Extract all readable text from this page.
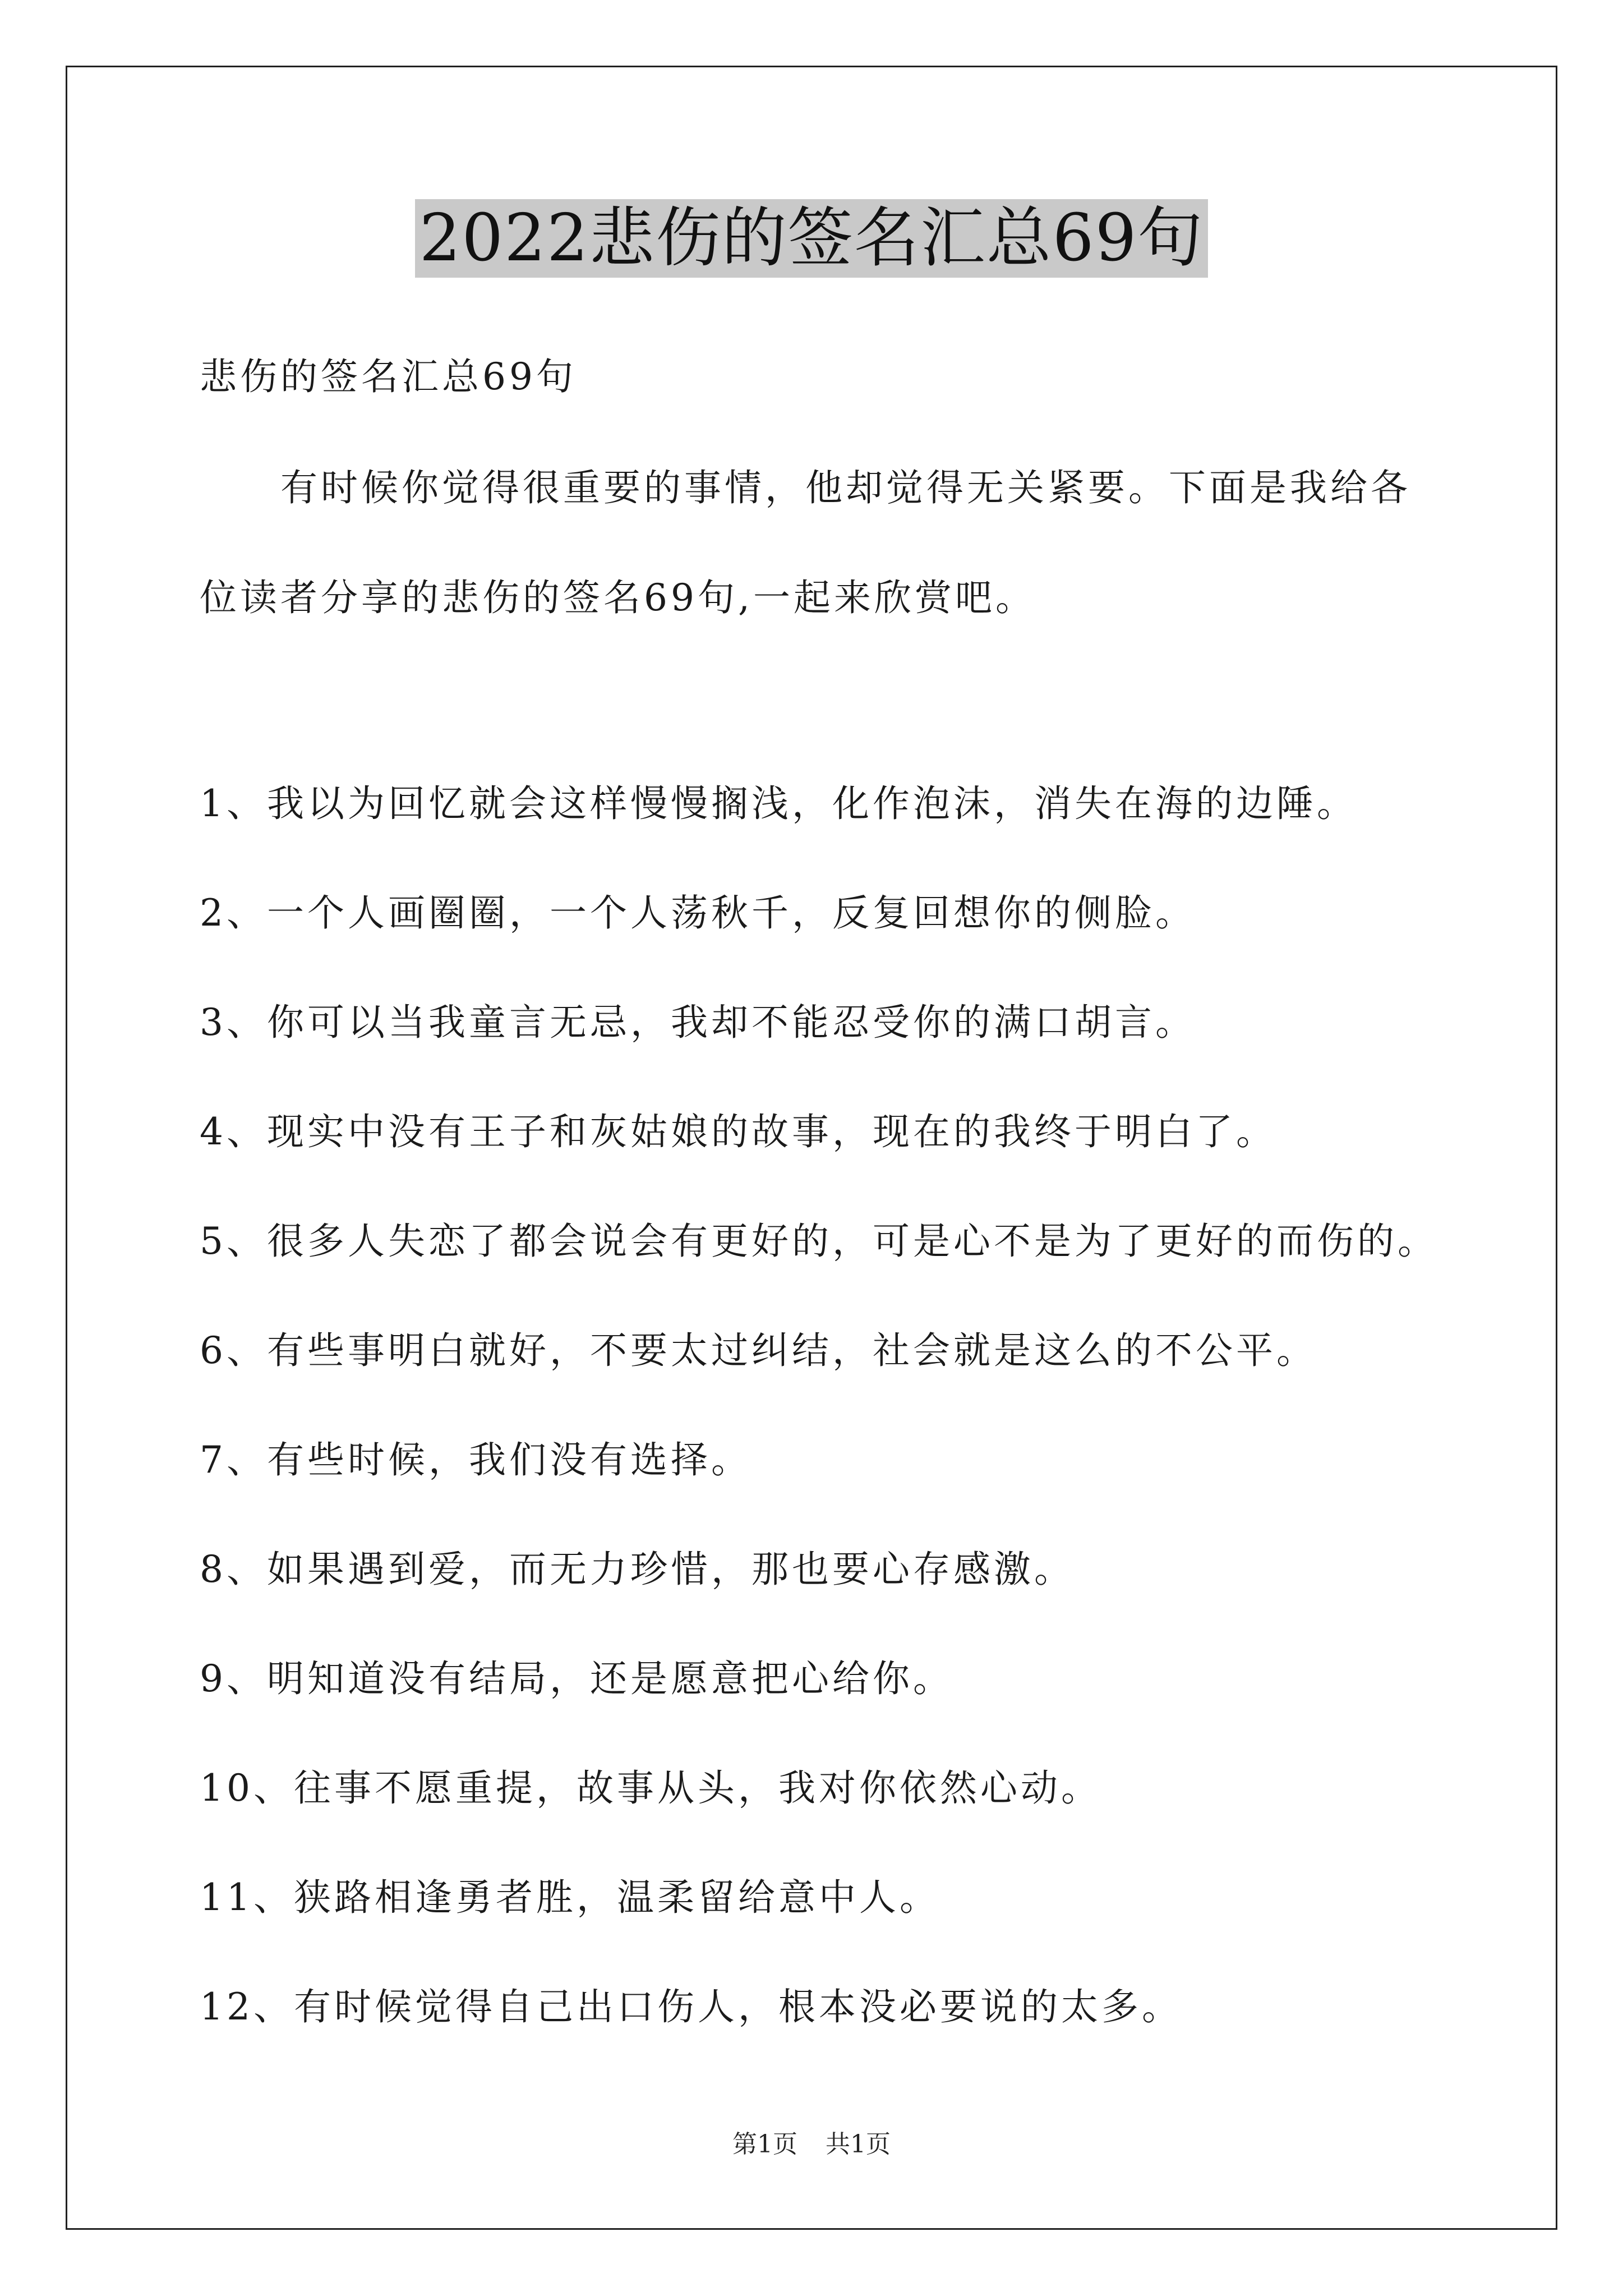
2022悲伤的签名汇总69句
悲伤的签名汇总69句
　　有时候你觉得很重要的事情，他却觉得无关紧要。下面是我给各
位读者分享的悲伤的签名69句,一起来欣赏吧。
1、我以为回忆就会这样慢慢搁浅，化作泡沫，消失在海的边陲。
2、一个人画圈圈，一个人荡秋千，反复回想你的侧脸。
3、你可以当我童言无忌，我却不能忍受你的满口胡言。
4、现实中没有王子和灰姑娘的故事，现在的我终于明白了。
5、很多人失恋了都会说会有更好的，可是心不是为了更好的而伤的。
6、有些事明白就好，不要太过纠结，社会就是这么的不公平。
7、有些时候，我们没有选择。
8、如果遇到爱，而无力珍惜，那也要心存感激。
9、明知道没有结局，还是愿意把心给你。
10、往事不愿重提，故事从头，我对你依然心动。
11、狭路相逢勇者胜，温柔留给意中人。
12、有时候觉得自己出口伤人，根本没必要说的太多。
第1页 共1页
